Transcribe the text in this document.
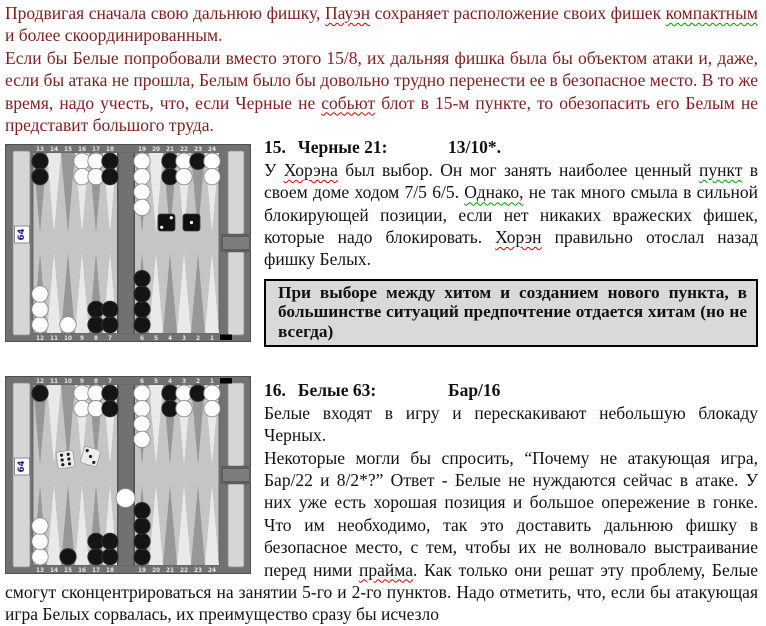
Продвигая сначала свою дальнюю фишку, Пауэн сохраняет расположение своих фишек компактным и более скоординированным.

Если бы Белые попробовали вместо этого 15/8, их дальняя фишка была бы объектом атаки и, даже, если бы атака не прошла, Белым было бы довольно трудно перенести ее в безопасное место. В то же время, надо учесть, что, если Черные не собьют блот в 15-м пункте, то обезопасить его Белым не представит большого труда.

13 14 15 16 17 18	19 20 21 22 23 24
12 11 10 9 8 7	6 5 4 3 2 1
64

15. Черные 21:	13/10*.

У Хорэна был выбор. Он мог занять наиболее ценный пункт в своем доме ходом 7/5 6/5. Однако, не так много смыла в сильной блокирующей позиции, если нет никаких вражеских фишек, которые надо блокировать. Хорэн правильно отослал назад фишку Белых.

При выборе между хитом и созданием нового пункта, в большинстве ситуаций предпочтение отдается хитам (но не всегда)
12 11 10 9 8 7	6 5 4 3 2 1
13 14 15 16 17 18	19 20 21 22 23 24
64

16. Белые 63:	Бар/16

Белые входят в игру и перескакивают небольшую блокаду Черных.

Некоторые могли бы спросить, “Почему не атакующая игра, Бар/22 и 8/2*?” Ответ - Белые не нуждаются сейчас в атаке. У них уже есть хорошая позиция и большое опережение в гонке. Что им необходимо, так это доставить дальнюю фишку в безопасное место, с тем, чтобы их не волновало выстраивание перед ними прайма. Как только они решат эту проблему, Белые смогут сконцентрироваться на занятии 5-го и 2-го пунктов. Надо отметить, что, если бы атакующая игра Белых сорвалась, их преимущество сразу бы исчезло
